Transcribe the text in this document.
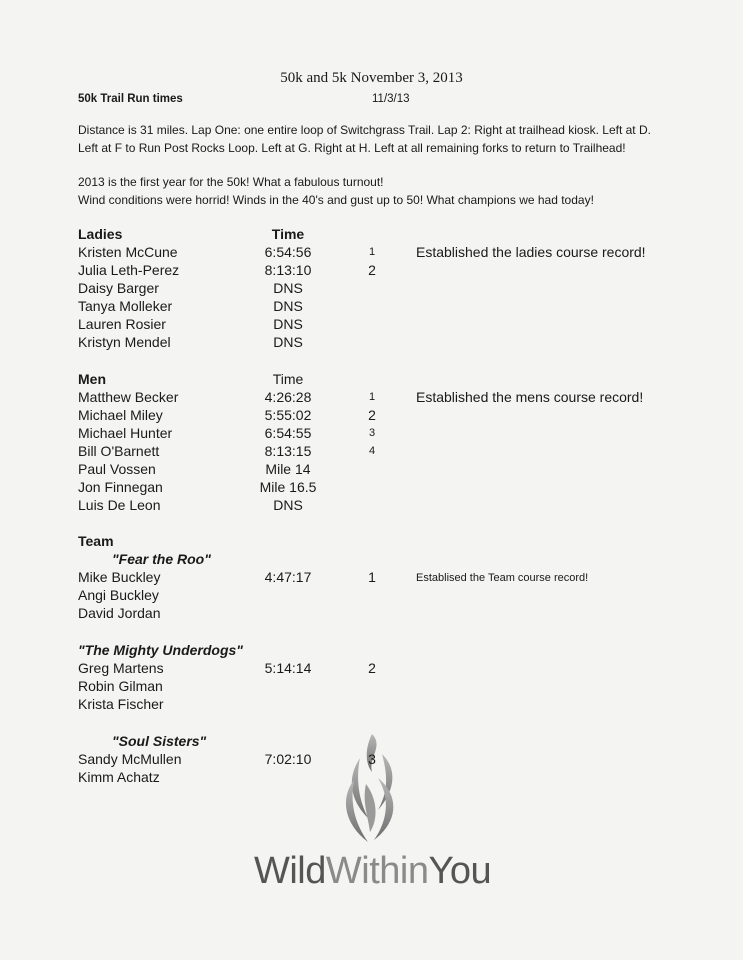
50k and 5k November 3, 2013
50k Trail Run times	11/3/13
Distance is 31 miles. Lap One: one entire loop of Switchgrass Trail. Lap 2: Right at trailhead kiosk. Left at D.
Left at F to Run Post Rocks Loop. Left at G. Right at H. Left at all remaining forks to return to Trailhead!
2013 is the first year for the 50k! What a fabulous turnout!
Wind conditions were horrid! Winds in the 40's and gust up to 50! What champions we had today!
Ladies	Time
Kristen McCune	6:54:56	1	Established the ladies course record!
Julia Leth-Perez	8:13:10	2
Daisy Barger	DNS
Tanya Molleker	DNS
Lauren Rosier	DNS
Kristyn Mendel	DNS
Men	Time
Matthew Becker	4:26:28	1	Established the mens course record!
Michael Miley	5:55:02	2
Michael Hunter	6:54:55	3
Bill O'Barnett	8:13:15	4
Paul Vossen	Mile 14
Jon Finnegan	Mile 16.5
Luis De Leon	DNS
Team
"Fear the Roo"
Mike Buckley	4:47:17	1	Establised the Team course record!
Angi Buckley
David Jordan
"The Mighty Underdogs"
Greg Martens	5:14:14	2
Robin Gilman
Krista Fischer
"Soul Sisters"
Sandy McMullen	7:02:10	3
Kimm Achatz
WildWithinYou
